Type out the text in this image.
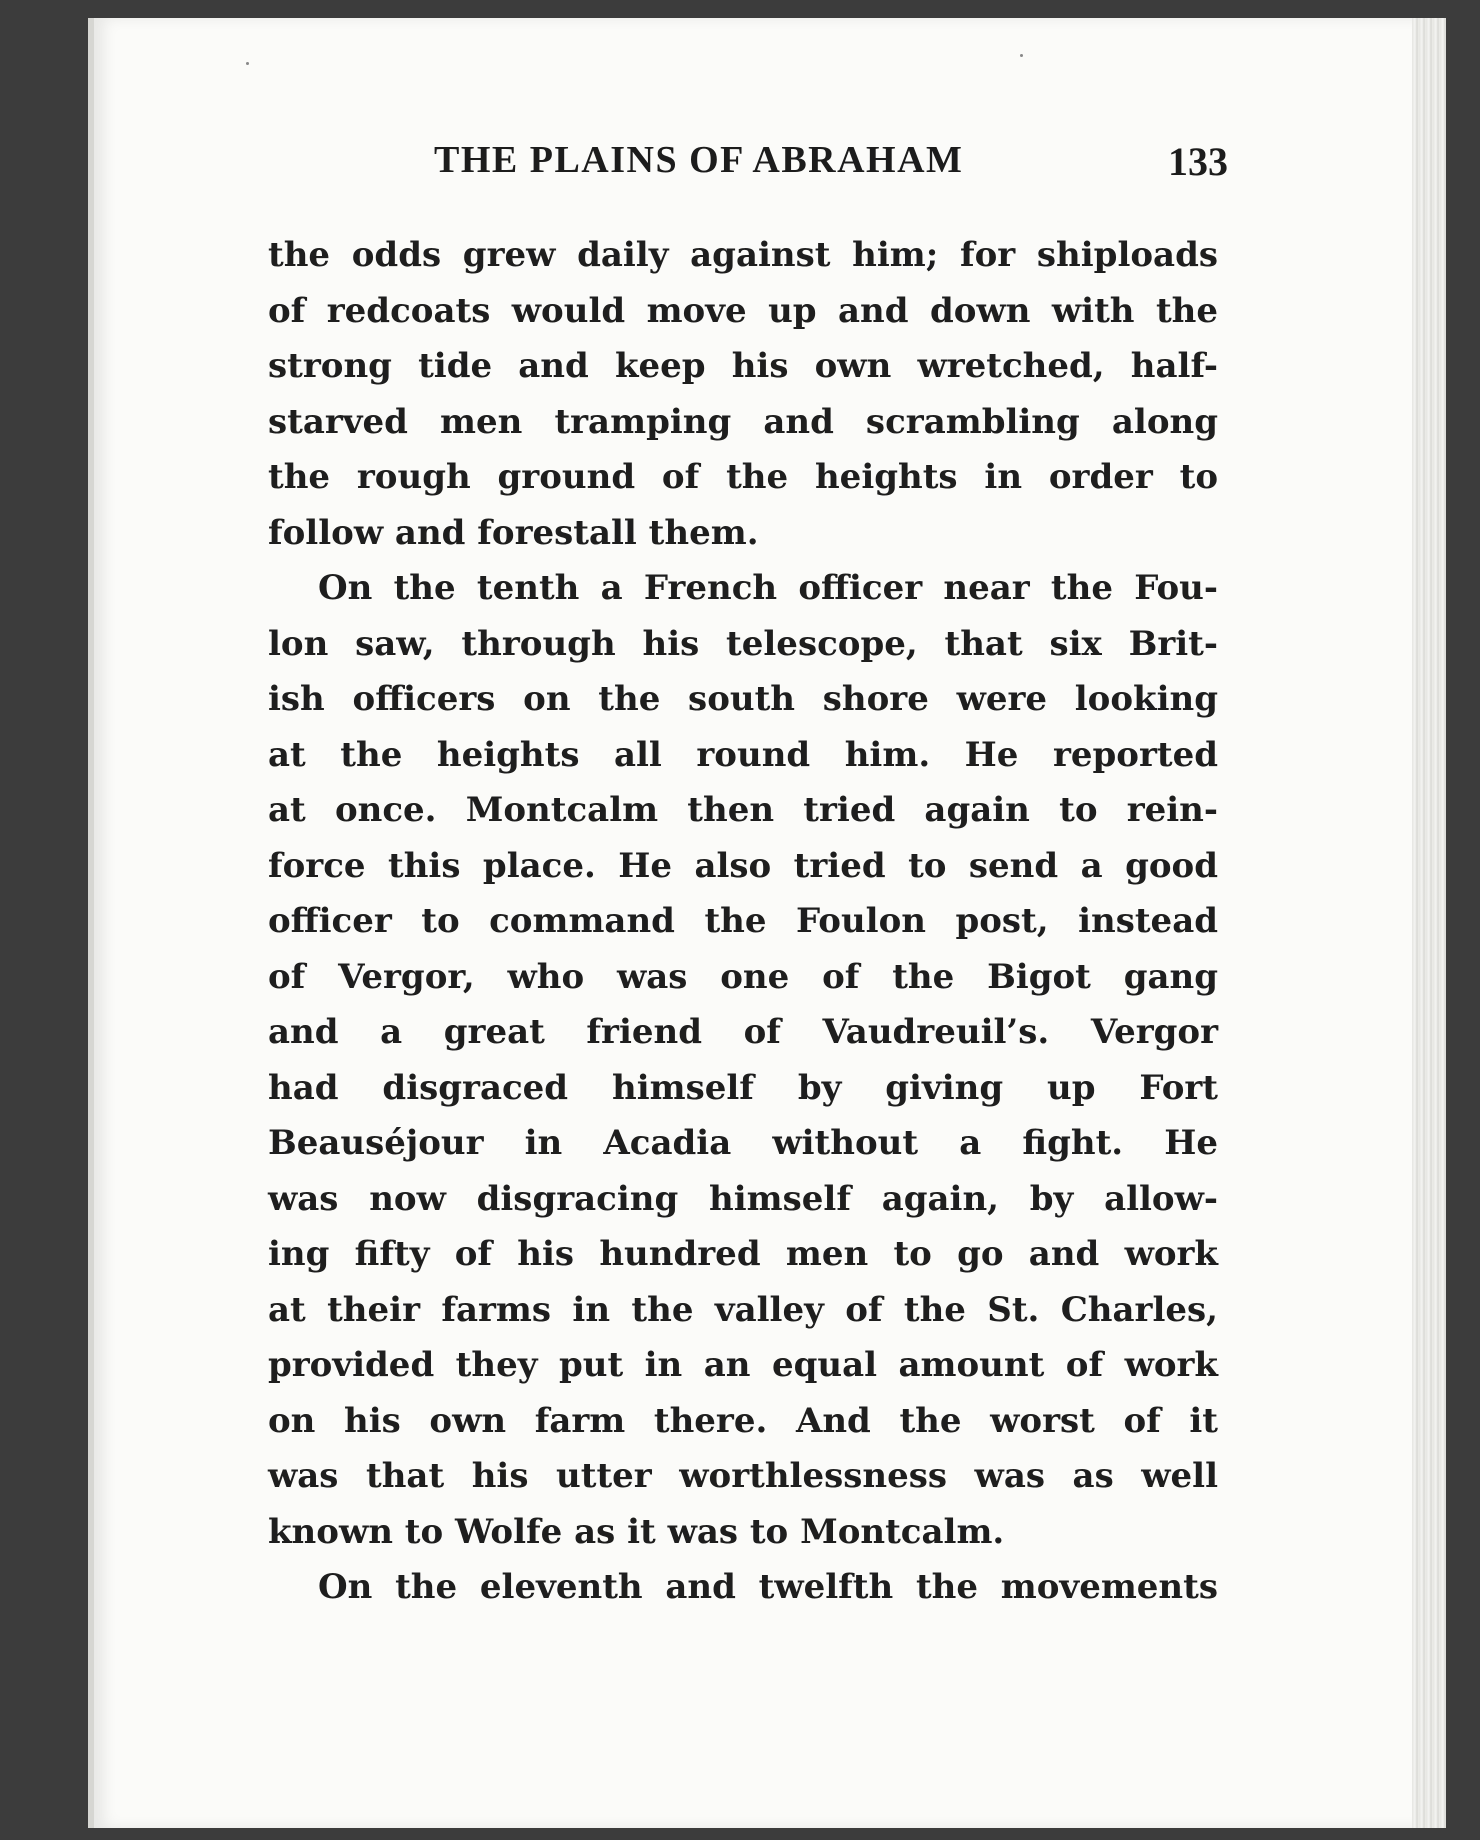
THE PLAINS OF ABRAHAM	133
the odds grew daily against him; for shiploads
of redcoats would move up and down with the
strong tide and keep his own wretched, half-
starved men tramping and scrambling along
the rough ground of the heights in order to
follow and forestall them.
On the tenth a French officer near the Fou-
lon saw, through his telescope, that six Brit-
ish officers on the south shore were looking
at the heights all round him. He reported
at once. Montcalm then tried again to rein-
force this place. He also tried to send a good
officer to command the Foulon post, instead
of Vergor, who was one of the Bigot gang
and a great friend of Vaudreuil’s. Vergor
had disgraced himself by giving up Fort
Beauséjour in Acadia without a fight. He
was now disgracing himself again, by allow-
ing fifty of his hundred men to go and work
at their farms in the valley of the St. Charles,
provided they put in an equal amount of work
on his own farm there. And the worst of it
was that his utter worthlessness was as well
known to Wolfe as it was to Montcalm.
On the eleventh and twelfth the movements
